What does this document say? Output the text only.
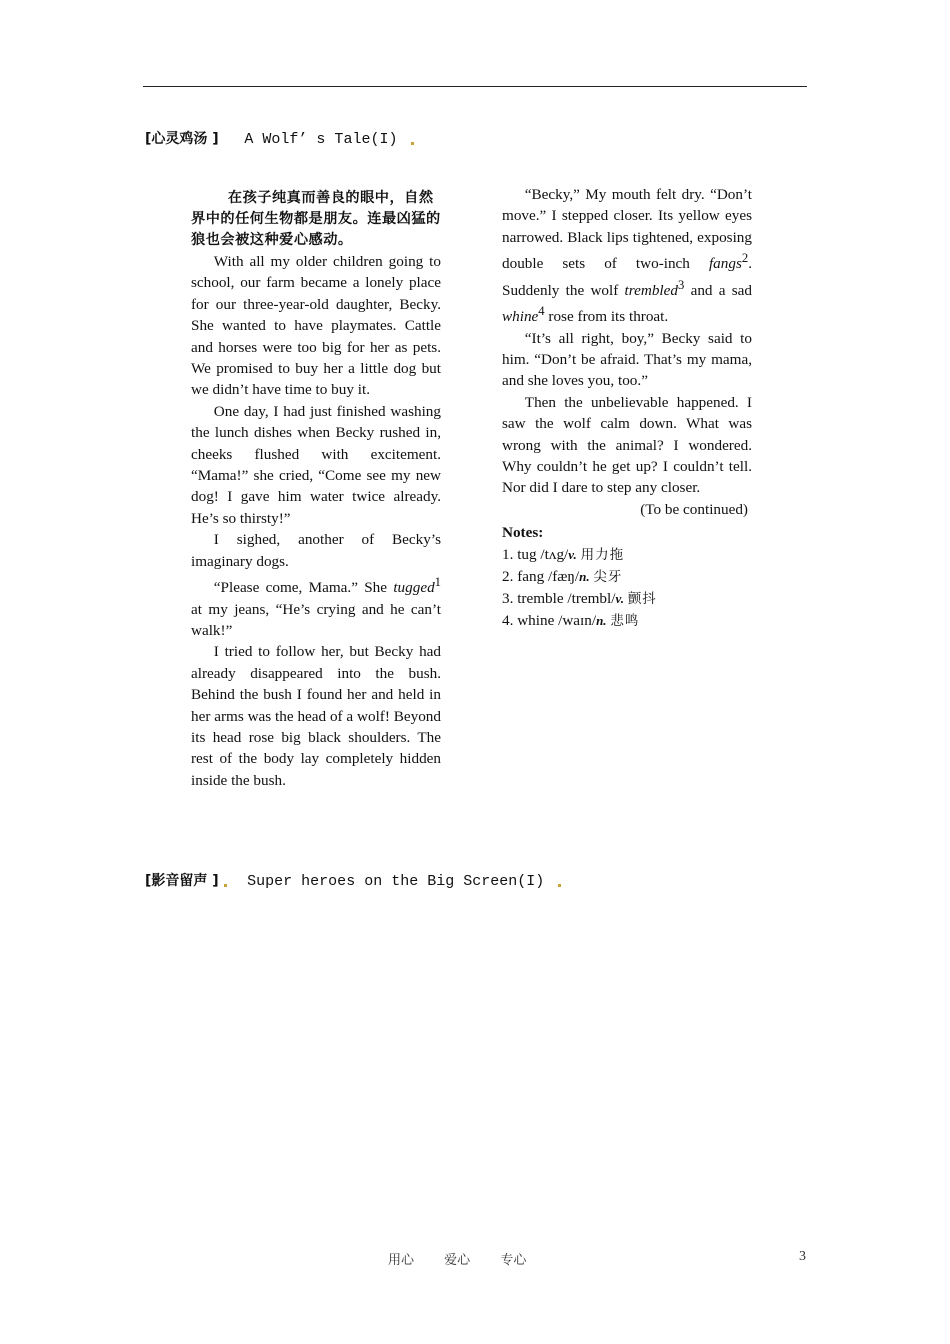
[心灵鸡汤 ] A Wolf’ s Tale(I)

在孩子纯真而善良的眼中，自然界中的任何生物都是朋友。连最凶猛的狼也会被这种爱心感动。

With all my older children going to school, our farm became a lonely place for our three-year-old daughter, Becky. She wanted to have playmates. Cattle and horses were too big for her as pets. We promised to buy her a little dog but we didn’t have time to buy it.

One day, I had just finished washing the lunch dishes when Becky rushed in, cheeks flushed with excitement. “Mama!” she cried, “Come see my new dog! I gave him water twice already. He’s so thirsty!”

I sighed, another of Becky’s imaginary dogs.

“Please come, Mama.” She tugged$^1$ at my jeans, “He’s crying and he can’t walk!”

I tried to follow her, but Becky had already disappeared into the bush. Behind the bush I found her and held in her arms was the head of a wolf! Beyond its head rose big black shoulders. The rest of the body lay completely hidden inside the bush.

“Becky,” My mouth felt dry. “Don’t move.” I stepped closer. Its yellow eyes narrowed. Black lips tightened, exposing double sets of two-inch fangs$^2$. Suddenly the wolf trembled$^3$ and a sad whine$^4$ rose from its throat.

“It’s all right, boy,” Becky said to him. “Don’t be afraid. That’s my mama, and she loves you, too.”

Then the unbelievable happened. I saw the wolf calm down. What was wrong with the animal? I wondered. Why couldn’t he get up? I couldn’t tell. Nor did I dare to step any closer.

(To be continued)

Notes:

1. tug /tʌg/v. 用力拖

2. fang /fæŋ/n. 尖牙

3. tremble /trembl/v. 颤抖

4. whine /waɪn/n. 悲鸣

[影音留声 ] Super heroes on the Big Screen(I)
用心 爱心 专心	3
